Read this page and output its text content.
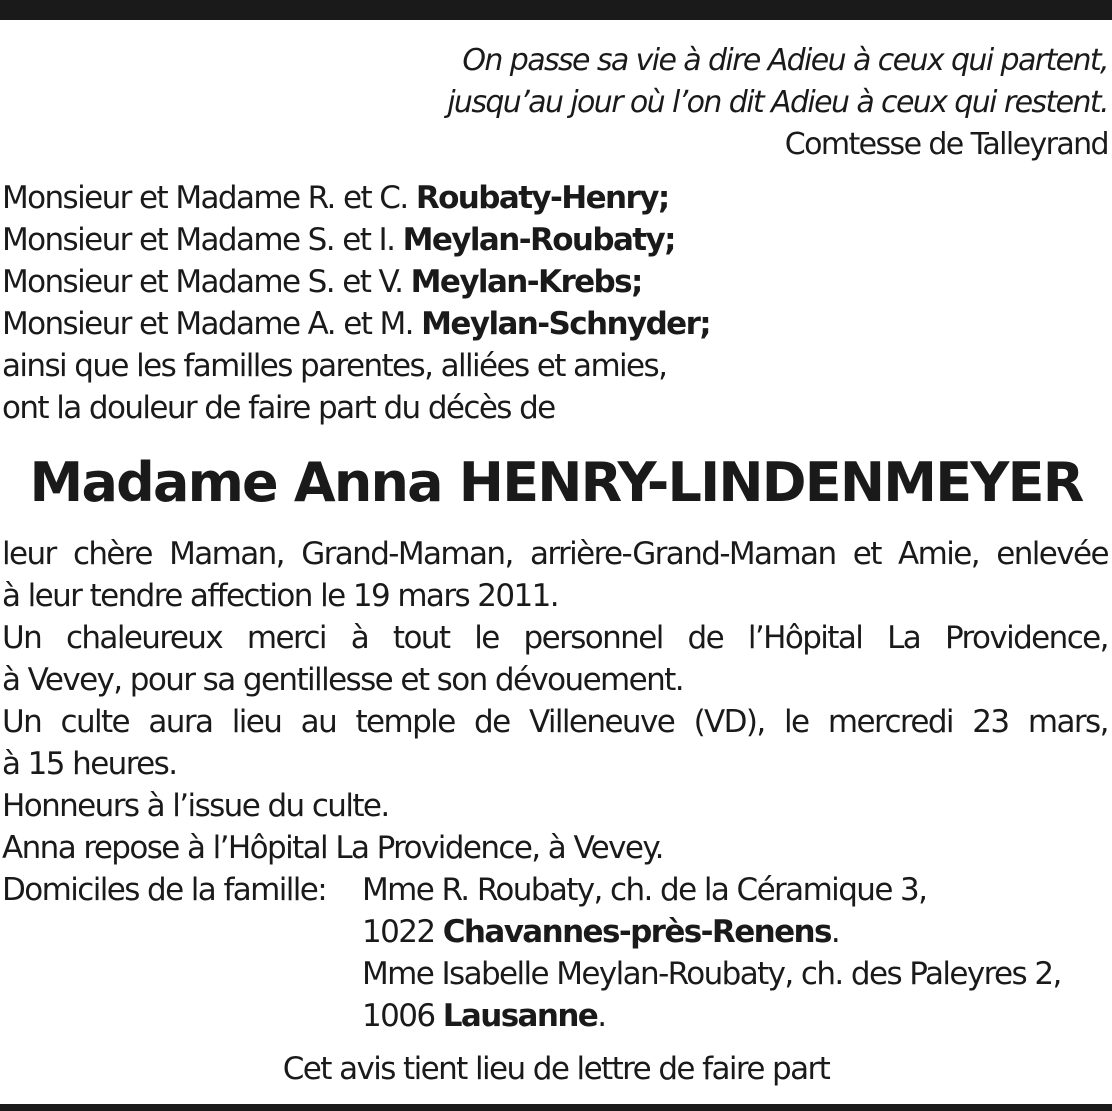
On passe sa vie à dire Adieu à ceux qui partent,
jusqu’au jour où l’on dit Adieu à ceux qui restent.
Comtesse de Talleyrand
Monsieur et Madame R. et C. Roubaty-Henry;
Monsieur et Madame S. et I. Meylan-Roubaty;
Monsieur et Madame S. et V. Meylan-Krebs;
Monsieur et Madame A. et M. Meylan-Schnyder;
ainsi que les familles parentes, alliées et amies,
ont la douleur de faire part du décès de
Madame Anna HENRY-LINDENMEYER
leur chère Maman, Grand-Maman, arrière-Grand-Maman et Amie, enlevée
à leur tendre affection le 19 mars 2011.
Un chaleureux merci à tout le personnel de l’Hôpital La Providence,
à Vevey, pour sa gentillesse et son dévouement.
Un culte aura lieu au temple de Villeneuve (VD), le mercredi 23 mars,
à 15 heures.
Honneurs à l’issue du culte.
Anna repose à l’Hôpital La Providence, à Vevey.
Domiciles de la famille:	Mme R. Roubaty, ch. de la Céramique 3,
1022 Chavannes-près-Renens.
Mme Isabelle Meylan-Roubaty, ch. des Paleyres 2,
1006 Lausanne.
Cet avis tient lieu de lettre de faire part
